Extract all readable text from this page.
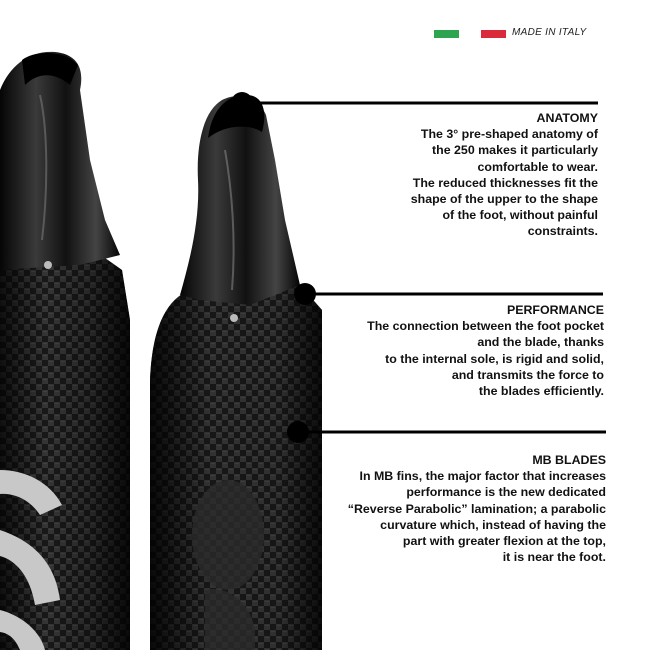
MADE IN ITALY
ANATOMY

The 3° pre-shaped anatomy of
the 250 makes it particularly
comfortable to wear.
The reduced thicknesses fit the
shape of the upper to the shape
of the foot, without painful
constraints.

PERFORMANCE

The connection between the foot pocket
and the blade, thanks
to the internal sole, is rigid and solid,
and transmits the force to
the blades efficiently.

MB BLADES

In MB fins, the major factor that increases
performance is the new dedicated
“Reverse Parabolic” lamination; a parabolic
curvature which, instead of having the
part with greater flexion at the top,
it is near the foot.
